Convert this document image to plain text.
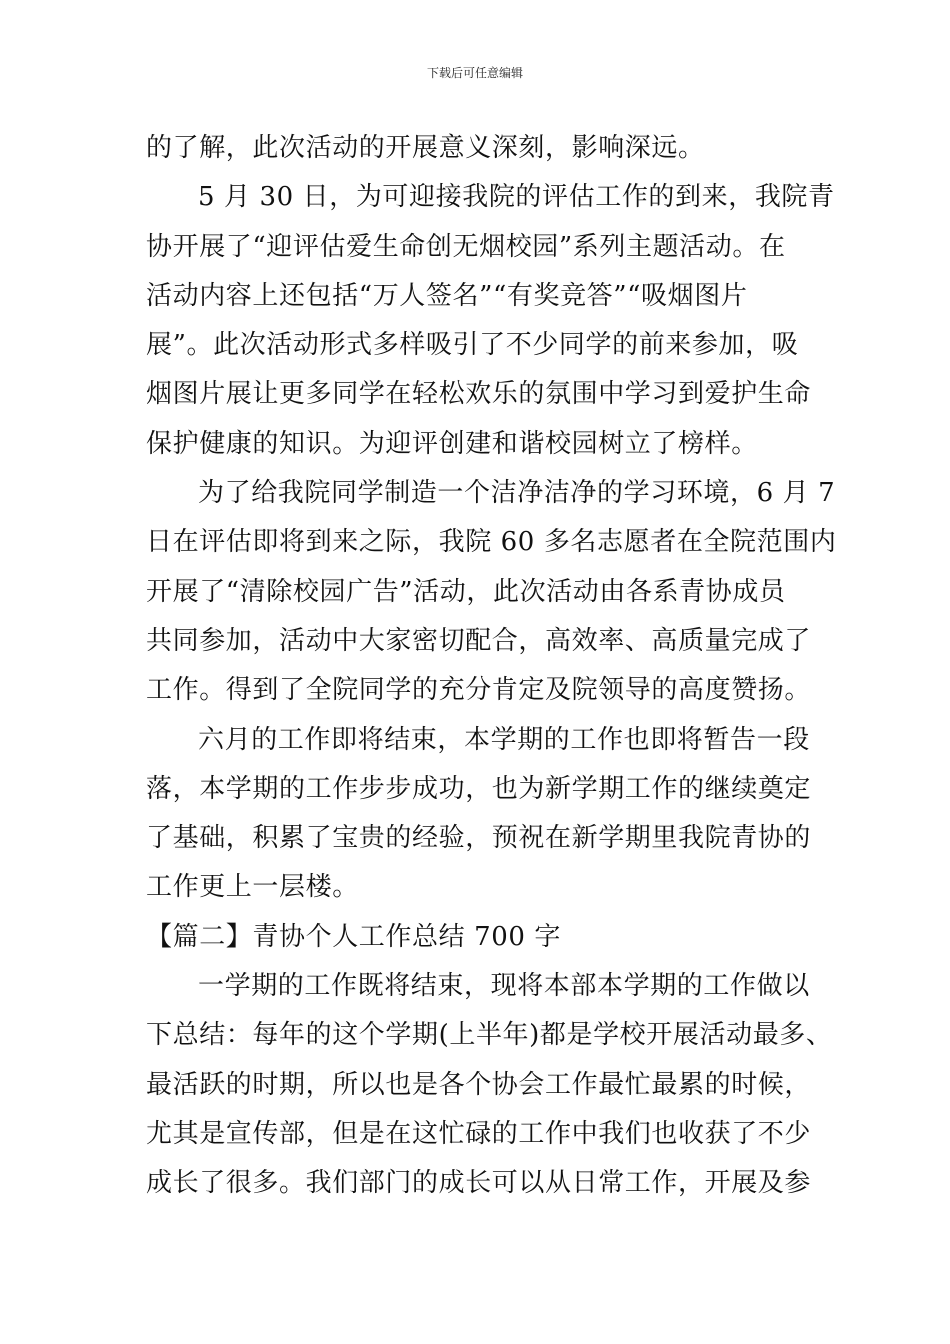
下载后可任意编辑
的了解，此次活动的开展意义深刻，影响深远。
5 月 30 日，为可迎接我院的评估工作的到来，我院青
协开展了“迎评估爱生命创无烟校园”系列主题活动。在
活动内容上还包括“万人签名”“有奖竞答”“吸烟图片
展”。此次活动形式多样吸引了不少同学的前来参加，吸
烟图片展让更多同学在轻松欢乐的氛围中学习到爱护生命
保护健康的知识。为迎评创建和谐校园树立了榜样。
为了给我院同学制造一个洁净洁净的学习环境，6 月 7
日在评估即将到来之际，我院 60 多名志愿者在全院范围内
开展了“清除校园广告”活动，此次活动由各系青协成员
共同参加，活动中大家密切配合，高效率、高质量完成了
工作。得到了全院同学的充分肯定及院领导的高度赞扬。
六月的工作即将结束，本学期的工作也即将暂告一段
落，本学期的工作步步成功，也为新学期工作的继续奠定
了基础，积累了宝贵的经验，预祝在新学期里我院青协的
工作更上一层楼。
【篇二】青协个人工作总结 700 字
一学期的工作既将结束，现将本部本学期的工作做以
下总结：每年的这个学期(上半年)都是学校开展活动最多、
最活跃的时期，所以也是各个协会工作最忙最累的时候，
尤其是宣传部，但是在这忙碌的工作中我们也收获了不少
成长了很多。我们部门的成长可以从日常工作，开展及参
